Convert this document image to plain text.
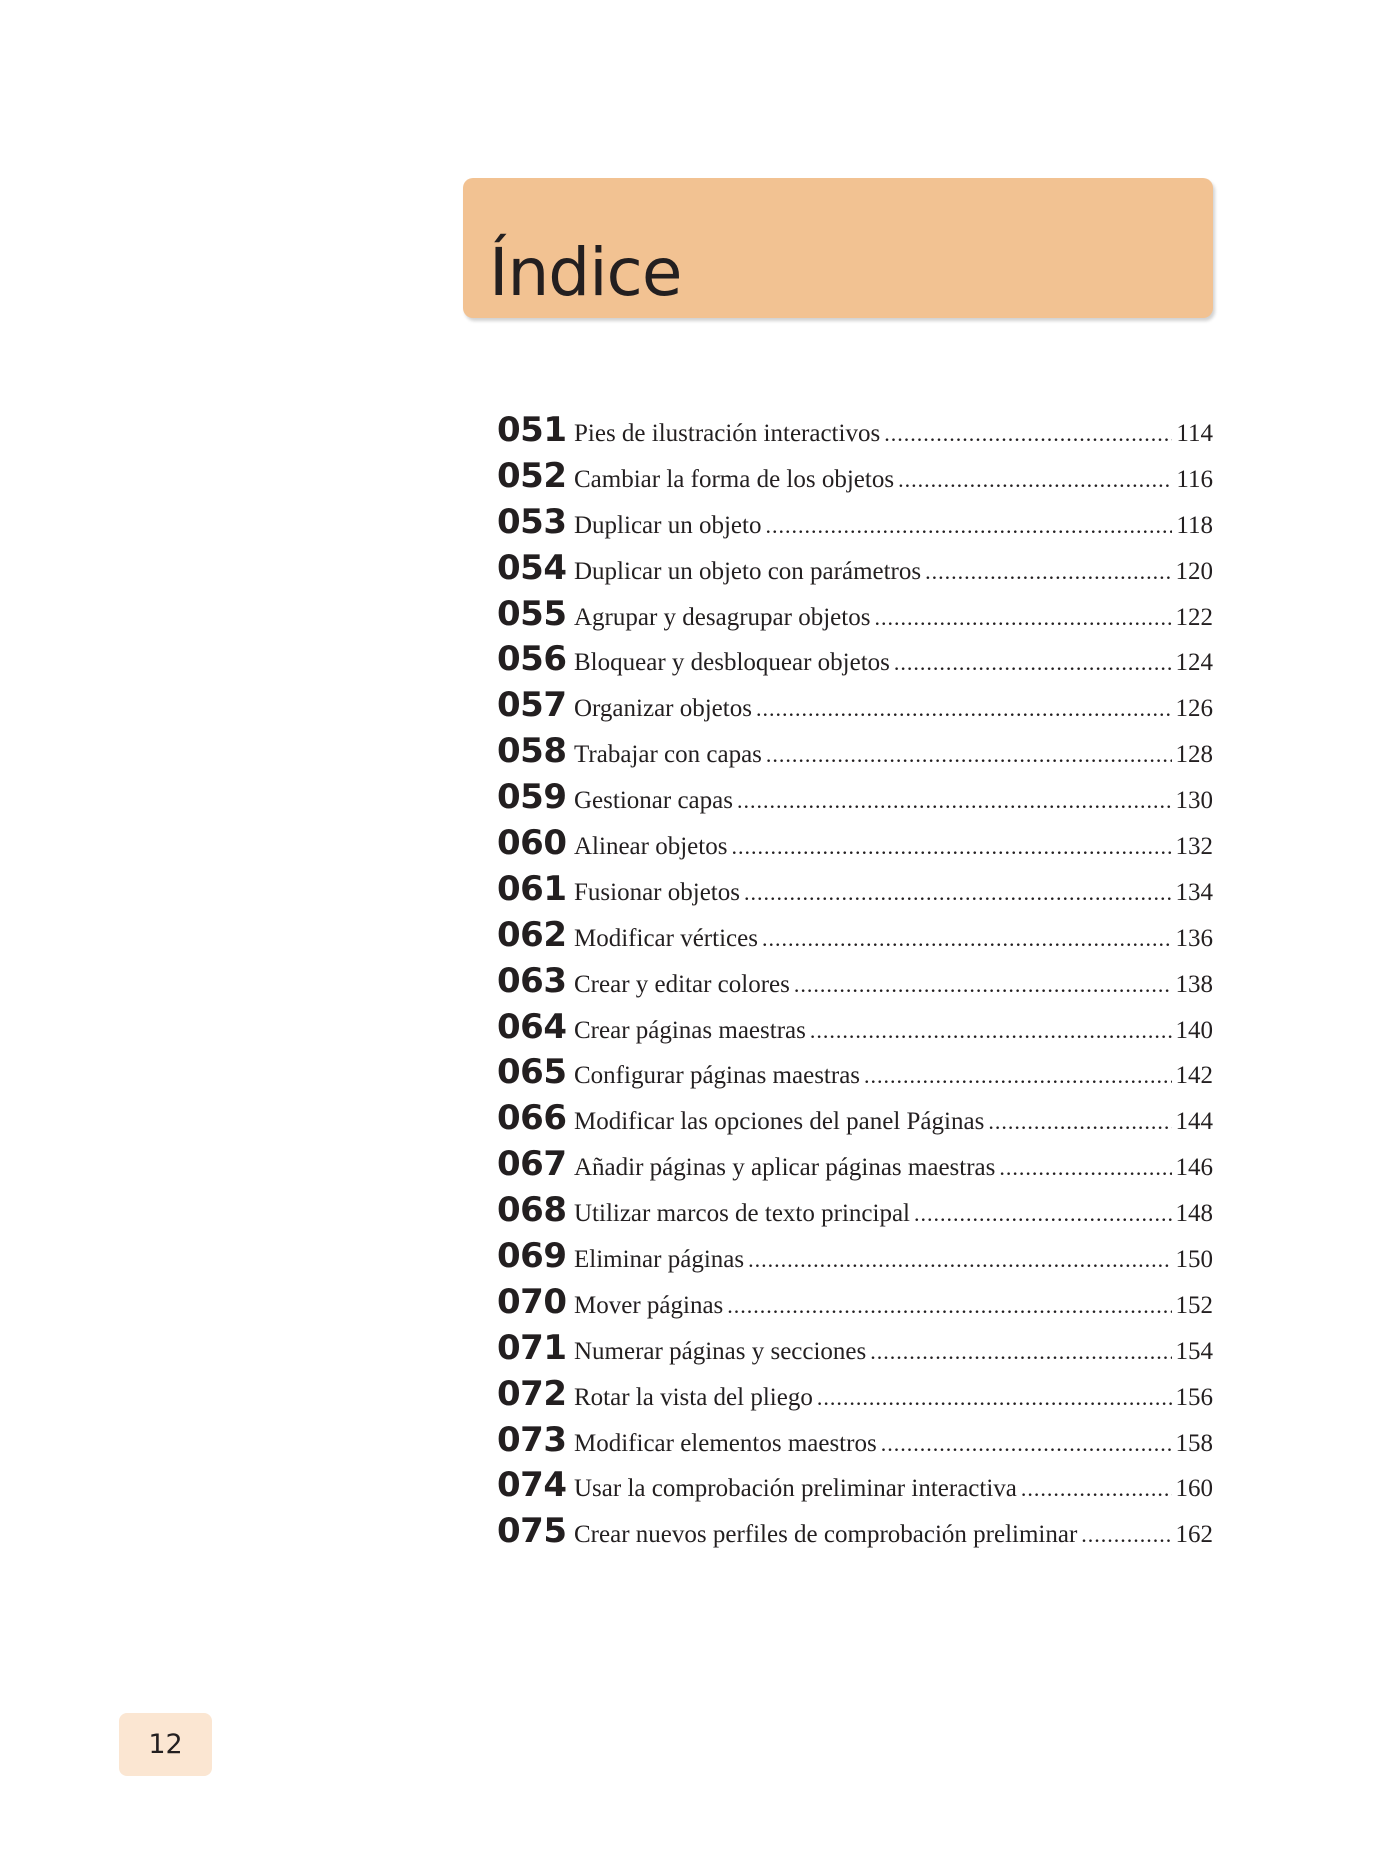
Índice
051 Pies de ilustración interactivos .....	114
052 Cambiar la forma de los objetos .....	116
053 Duplicar un objeto .....	118
054 Duplicar un objeto con parámetros .....	120
055 Agrupar y desagrupar objetos .....	122
056 Bloquear y desbloquear objetos .....	124
057 Organizar objetos .....	126
058 Trabajar con capas .....	128
059 Gestionar capas .....	130
060 Alinear objetos .....	132
061 Fusionar objetos .....	134
062 Modificar vértices .....	136
063 Crear y editar colores .....	138
064 Crear páginas maestras .....	140
065 Configurar páginas maestras .....	142
066 Modificar las opciones del panel Páginas .....	144
067 Añadir páginas y aplicar páginas maestras .....	146
068 Utilizar marcos de texto principal .....	148
069 Eliminar páginas .....	150
070 Mover páginas .....	152
071 Numerar páginas y secciones .....	154
072 Rotar la vista del pliego .....	156
073 Modificar elementos maestros .....	158
074 Usar la comprobación preliminar interactiva .....	160
075 Crear nuevos perfiles de comprobación preliminar .....	162
12
